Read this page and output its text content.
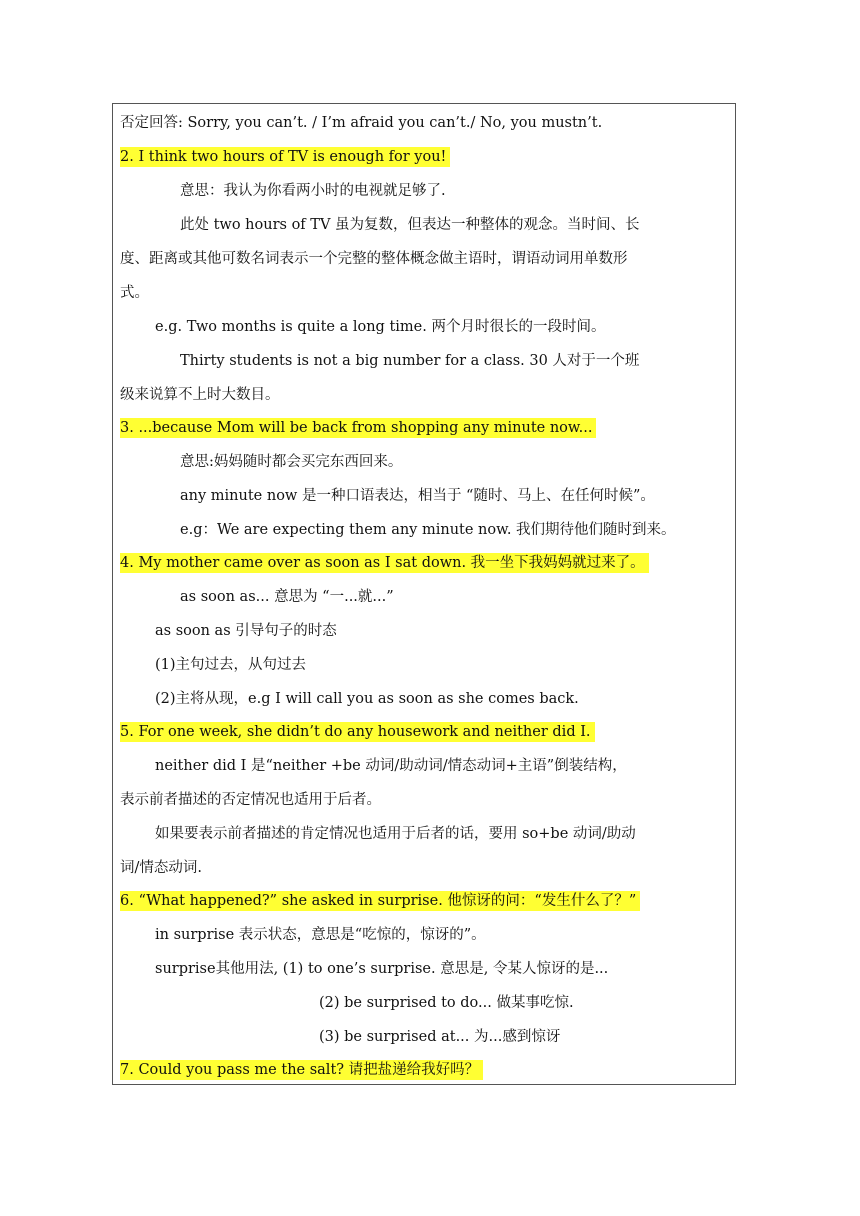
否定回答: Sorry, you can’t. / I’m afraid you can’t./ No, you mustn’t.
2. I think two hours of TV is enough for you!
意思：我认为你看两小时的电视就足够了.
此处 two hours of TV 虽为复数，但表达一种整体的观念。当时间、长
度、距离或其他可数名词表示一个完整的整体概念做主语时，谓语动词用单数形
式。
e.g. Two months is quite a long time. 两个月时很长的一段时间。
Thirty students is not a big number for a class. 30 人对于一个班
级来说算不上时大数目。
3. ...because Mom will be back from shopping any minute now...
意思:妈妈随时都会买完东西回来。
any minute now 是一种口语表达，相当于 “随时、马上、在任何时候”。
e.g：We are expecting them any minute now. 我们期待他们随时到来。
4. My mother came over as soon as I sat down. 我一坐下我妈妈就过来了。
as soon as... 意思为 “一...就...”
as soon as 引导句子的时态
(1)主句过去，从句过去
(2)主将从现，e.g I will call you as soon as she comes back.
5. For one week, she didn’t do any housework and neither did I.
neither did I 是“neither +be 动词/助动词/情态动词+主语”倒装结构，
表示前者描述的否定情况也适用于后者。
如果要表示前者描述的肯定情况也适用于后者的话，要用 so+be 动词/助动
词/情态动词.
6. “What happened?” she asked in surprise. 他惊讶的问：“发生什么了？”
in surprise 表示状态，意思是“吃惊的，惊讶的”。
surprise其他用法, (1) to one’s surprise. 意思是, 令某人惊讶的是...
(2) be surprised to do... 做某事吃惊.
(3) be surprised at... 为...感到惊讶
7. Could you pass me the salt? 请把盐递给我好吗？
